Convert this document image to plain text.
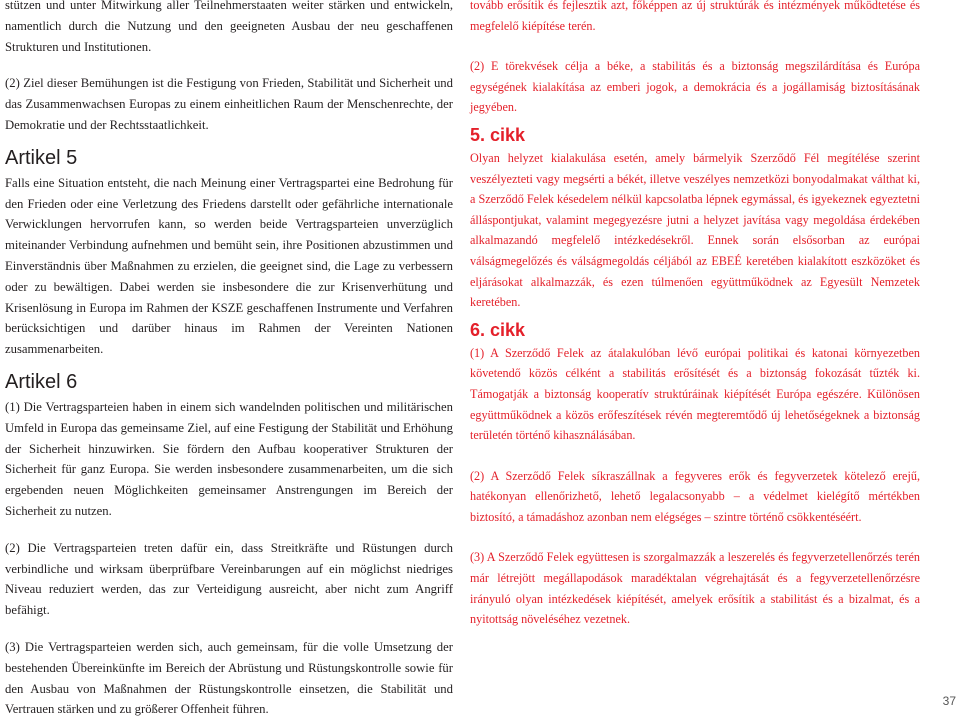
stützen und unter Mitwirkung aller Teilnehmerstaaten weiter stärken und entwickeln, namentlich durch die Nutzung und den geeigneten Ausbau der neu geschaffenen Strukturen und Institutionen.

(2) Ziel dieser Bemühungen ist die Festigung von Frieden, Stabilität und Sicherheit und das Zusammenwachsen Europas zu einem einheitlichen Raum der Menschenrechte, der Demokratie und der Rechtsstaatlichkeit.

Artikel 5

Falls eine Situation entsteht, die nach Meinung einer Vertragspartei eine Bedrohung für den Frieden oder eine Verletzung des Friedens darstellt oder gefährliche internationale Verwicklungen hervorrufen kann, so werden beide Vertragsparteien unverzüglich miteinander Verbindung aufnehmen und bemüht sein, ihre Positionen abzustimmen und Einverständnis über Maßnahmen zu erzielen, die geeignet sind, die Lage zu verbessern oder zu bewältigen. Dabei werden sie insbesondere die zur Krisenverhütung und Krisenlösung in Europa im Rahmen der KSZE geschaffenen Instrumente und Verfahren berücksichtigen und darüber hinaus im Rahmen der Vereinten Nationen zusammenarbeiten.

Artikel 6

(1) Die Vertragsparteien haben in einem sich wandelnden politischen und militärischen Umfeld in Europa das gemeinsame Ziel, auf eine Festigung der Stabilität und Erhöhung der Sicherheit hinzuwirken. Sie fördern den Aufbau kooperativer Strukturen der Sicherheit für ganz Europa. Sie werden insbesondere zusammenarbeiten, um die sich ergebenden neuen Möglichkeiten gemeinsamer Anstrengungen im Bereich der Sicherheit zu nutzen.

(2) Die Vertragsparteien treten dafür ein, dass Streitkräfte und Rüstungen durch verbindliche und wirksam überprüfbare Vereinbarungen auf ein möglichst niedriges Niveau reduziert werden, das zur Verteidigung ausreicht, aber nicht zum Angriff befähigt.

(3) Die Vertragsparteien werden sich, auch gemeinsam, für die volle Umsetzung der bestehenden Übereinkünfte im Bereich der Abrüstung und Rüstungskontrolle sowie für den Ausbau von Maßnahmen der Rüstungskontrolle einsetzen, die Stabilität und Vertrauen stärken und zu größerer Offenheit führen.

tovább erősítik és fejlesztik azt, főképpen az új struktúrák és intézmények működtetése és megfelelő kiépítése terén.

(2) E törekvések célja a béke, a stabilitás és a biztonság megszilárdítása és Európa egységének kialakítása az emberi jogok, a demokrácia és a jogállamiság biztosításának jegyében.

5. cikk

Olyan helyzet kialakulása esetén, amely bármelyik Szerződő Fél megítélése szerint veszélyezteti vagy megsérti a békét, illetve veszélyes nemzetközi bonyodalmakat válthat ki, a Szerződő Felek késedelem nélkül kapcsolatba lépnek egymással, és igyekeznek egyeztetni álláspontjukat, valamint megegyezésre jutni a helyzet javítása vagy megoldása érdekében alkalmazandó megfelelő intézkedésekről. Ennek során elsősorban az európai válságmegelőzés és válságmegoldás céljából az EBEÉ keretében kialakított eszközöket és eljárásokat alkalmazzák, és ezen túlmenően együttműködnek az Egyesült Nemzetek keretében.

6. cikk

(1) A Szerződő Felek az átalakulóban lévő európai politikai és katonai környezetben követendő közös célként a stabilitás erősítését és a biztonság fokozását tűzték ki. Támogatják a biztonság kooperatív struktúráinak kiépítését Európa egészére. Különösen együttműködnek a közös erőfeszítések révén megteremtődő új lehetőségeknek a biztonság területén történő kihasználásában.

(2) A Szerződő Felek síkraszállnak a fegyveres erők és fegyverzetek kötelező erejű, hatékonyan ellenőrizhető, lehető legalacsonyabb – a védelmet kielégítő mértékben biztosító, a támadáshoz azonban nem elégséges – szintre történő csökkentéséért.

(3) A Szerződő Felek együttesen is szorgalmazzák a leszerelés és fegyverzetellenőrzés terén már létrejött megállapodások maradéktalan végrehajtását és a fegyverzetellenőrzésre irányuló olyan intézkedések kiépítését, amelyek erősítik a stabilitást és a bizalmat, és a nyitottság növeléséhez vezetnek.

37
